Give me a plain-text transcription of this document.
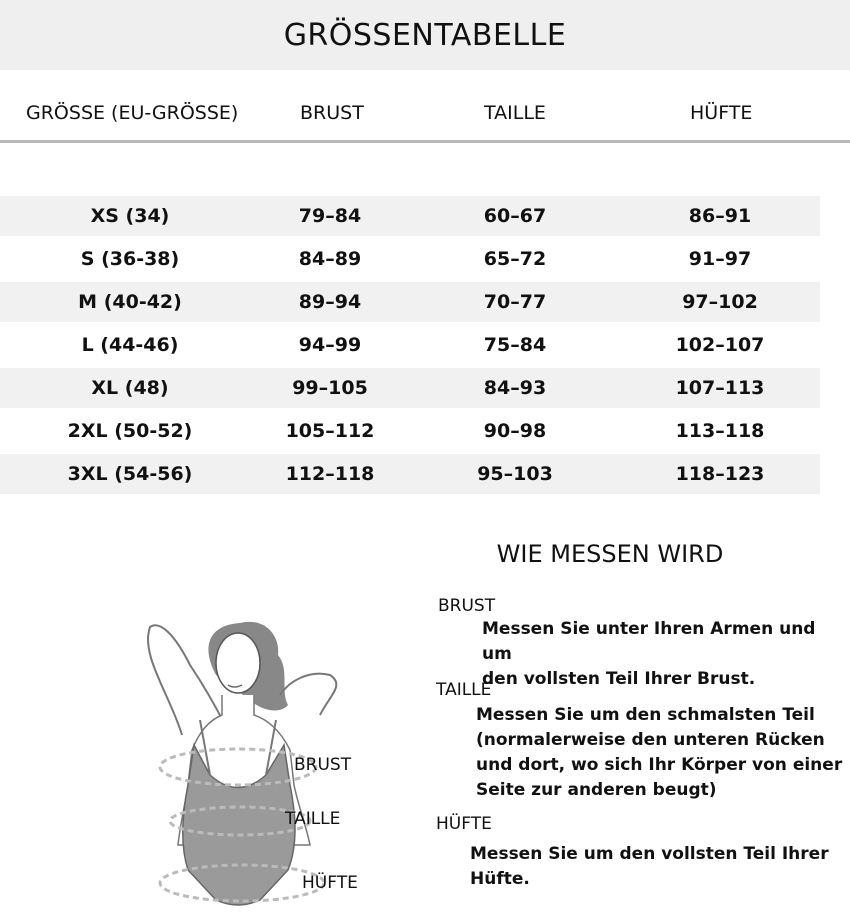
GRÖSSENTABELLE
GRÖSSE (EU-GRÖSSE)	BRUST	TAILLE	HÜFTE
XS (34)	79–84	60–67	86–91
S (36-38)	84–89	65–72	91–97
M (40-42)	89–94	70–77	97–102
L (44-46)	94–99	75–84	102–107
XL (48)	99–105	84–93	107–113
2XL (50-52)	105–112	90–98	113–118
3XL (54-56)	112–118	95–103	118–123
WIE MESSEN WIRD
BRUST
Messen Sie unter Ihren Armen und um
den vollsten Teil Ihrer Brust.
TAILLE
Messen Sie um den schmalsten Teil
(normalerweise den unteren Rücken
und dort, wo sich Ihr Körper von einer
Seite zur anderen beugt)
HÜFTE
Messen Sie um den vollsten Teil Ihrer
Hüfte.
BRUST
TAILLE
HÜFTE
